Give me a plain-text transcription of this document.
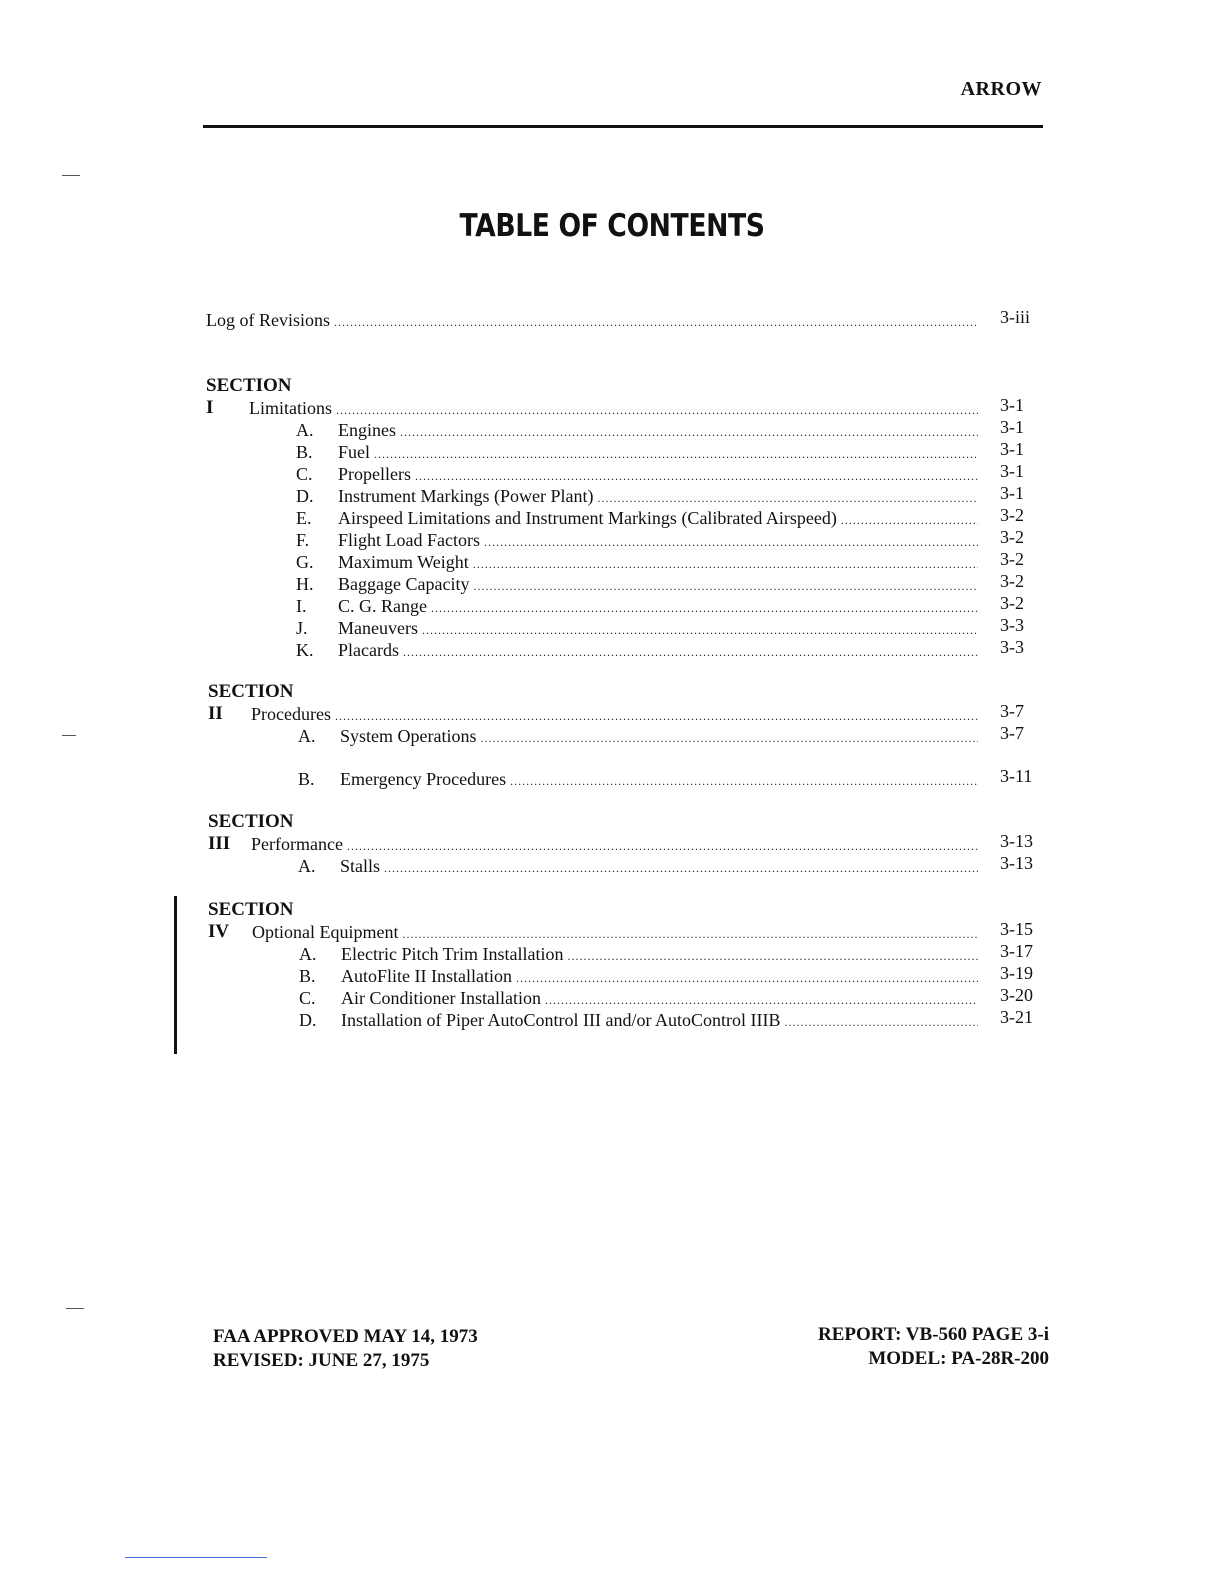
ARROW
TABLE OF CONTENTS
Log of Revisions .....	3-iii
SECTION I	Limitations .....	3-1
A.	Engines .....	3-1
B.	Fuel .....	3-1
C.	Propellers .....	3-1
D.	Instrument Markings (Power Plant) .....	3-1
E.	Airspeed Limitations and Instrument Markings (Calibrated Airspeed) .....	3-2
F.	Flight Load Factors .....	3-2
G.	Maximum Weight .....	3-2
H.	Baggage Capacity .....	3-2
I.	C. G. Range .....	3-2
J.	Maneuvers .....	3-3
K.	Placards .....	3-3
SECTION II	Procedures .....	3-7
A.	System Operations .....	3-7
B.	Emergency Procedures .....	3-11
SECTION III	Performance .....	3-13
A.	Stalls .....	3-13
SECTION IV	Optional Equipment .....	3-15
A.	Electric Pitch Trim Installation .....	3-17
B.	AutoFlite II Installation .....	3-19
C.	Air Conditioner Installation .....	3-20
D.	Installation of Piper AutoControl III and/or AutoControl IIIB .....	3-21
FAA APPROVED MAY 14, 1973
REVISED: JUNE 27, 1975
REPORT: VB-560 PAGE 3-i
MODEL: PA-28R-200
